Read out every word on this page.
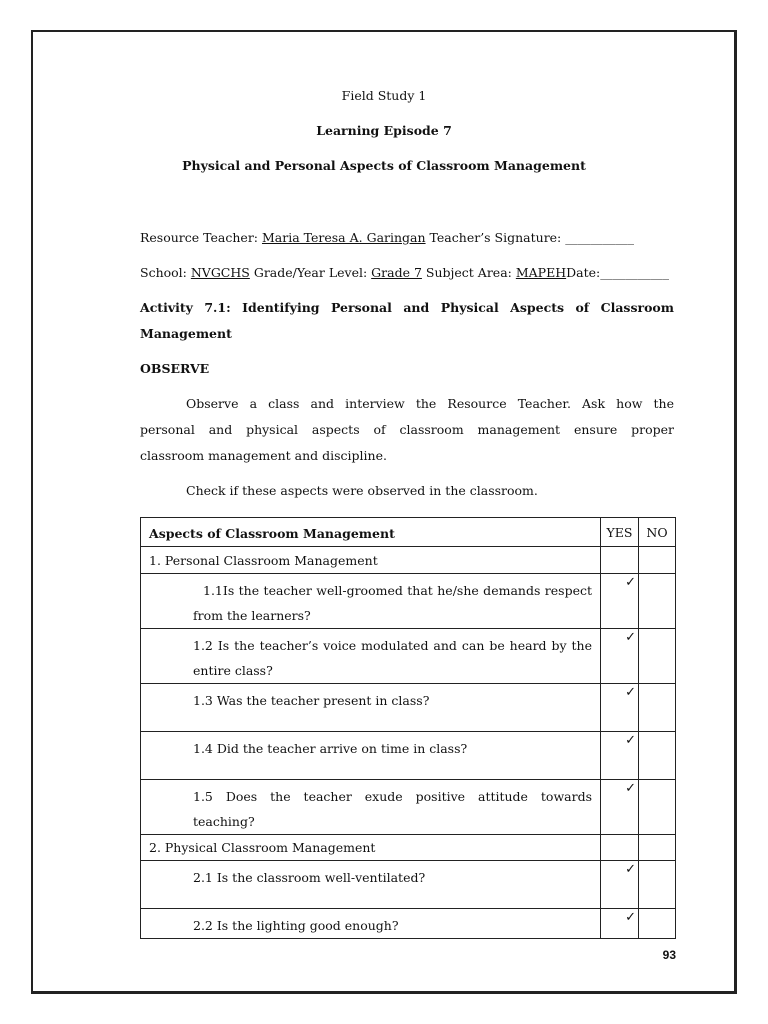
Field Study 1
Learning Episode 7
Physical and Personal Aspects of Classroom Management
Resource Teacher: Maria Teresa A. Garingan Teacher’s Signature: ___________
School: NVGCHS Grade/Year Level: Grade 7 Subject Area: MAPEHDate:___________
Activity 7.1: Identifying Personal and Physical Aspects of Classroom
Management
OBSERVE
Observe a class and interview the Resource Teacher. Ask how the
personal and physical aspects of classroom management ensure proper
classroom management and discipline.
Check if these aspects were observed in the classroom.
Aspects of Classroom Management	YES	NO

1. Personal Classroom Management		

1.1Is the teacher well-groomed that he/she demands respect from the learners?	✓	

1.2 Is the teacher’s voice modulated and can be heard by the entire class?	✓	

1.3 Was the teacher present in class?	✓	

1.4 Did the teacher arrive on time in class?	✓	

1.5 Does the teacher exude positive attitude towards teaching?	✓	

2. Physical Classroom Management		

2.1 Is the classroom well-ventilated?	✓	

2.2 Is the lighting good enough?	✓	

93
